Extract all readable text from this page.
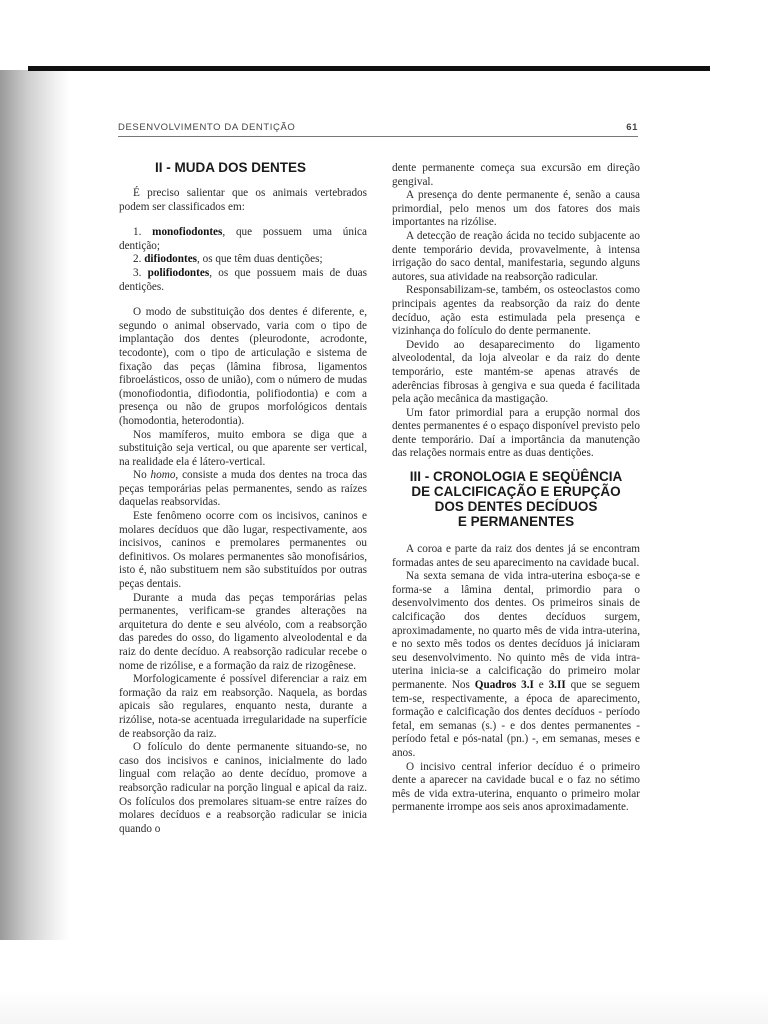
DESENVOLVIMENTO DA DENTIÇÃO	61
II - MUDA DOS DENTES

É preciso salientar que os animais vertebrados podem ser classificados em:

1. monofiodontes, que possuem uma única dentição;

2. difiodontes, os que têm duas dentições;

3. polifiodontes, os que possuem mais de duas dentições.

O modo de substituição dos dentes é diferente, e, segundo o animal observado, varia com o tipo de implantação dos dentes (pleurodonte, acrodonte, tecodonte), com o tipo de articulação e sistema de fixação das peças (lâmina fibrosa, ligamentos fibroelásticos, osso de união), com o número de mudas (monofiodontia, difiodontia, polifiodontia) e com a presença ou não de grupos morfológicos dentais (homodontia, heterodontia).

Nos mamíferos, muito embora se diga que a substituição seja vertical, ou que aparente ser vertical, na realidade ela é látero-vertical.

No homo, consiste a muda dos dentes na troca das peças temporárias pelas permanentes, sendo as raízes daquelas reabsorvidas.

Este fenômeno ocorre com os incisivos, caninos e molares decíduos que dão lugar, respectivamente, aos incisivos, caninos e premolares permanentes ou definitivos. Os molares permanentes são monofisários, isto é, não substituem nem são substituídos por outras peças dentais.

Durante a muda das peças temporárias pelas permanentes, verificam-se grandes alterações na arquitetura do dente e seu alvéolo, com a reabsorção das paredes do osso, do ligamento alveolodental e da raiz do dente decíduo. A reabsorção radicular recebe o nome de rizólise, e a formação da raiz de rizogênese.

Morfologicamente é possível diferenciar a raiz em formação da raiz em reabsorção. Naquela, as bordas apicais são regulares, enquanto nesta, durante a rizólise, nota-se acentuada irregularidade na superfície de reabsorção da raiz.

O folículo do dente permanente situando-se, no caso dos incisivos e caninos, inicialmente do lado lingual com relação ao dente decíduo, promove a reabsorção radicular na porção lingual e apical da raiz. Os folículos dos premolares situam-se entre raízes do molares decíduos e a reabsorção radicular se inicia quando o

dente permanente começa sua excursão em direção gengival.

A presença do dente permanente é, senão a causa primordial, pelo menos um dos fatores dos mais importantes na rizólise.

A detecção de reação ácida no tecido subjacente ao dente temporário devida, provavelmente, à intensa irrigação do saco dental, manifestaria, segundo alguns autores, sua atividade na reabsorção radicular.

Responsabilizam-se, também, os osteoclastos como principais agentes da reabsorção da raiz do dente decíduo, ação esta estimulada pela presença e vizinhança do folículo do dente permanente.

Devido ao desaparecimento do ligamento alveolodental, da loja alveolar e da raiz do dente temporário, este mantém-se apenas através de aderências fibrosas à gengiva e sua queda é facilitada pela ação mecânica da mastigação.

Um fator primordial para a erupção normal dos dentes permanentes é o espaço disponível previsto pelo dente temporário. Daí a importância da manutenção das relações normais entre as duas dentições.

III - CRONOLOGIA E SEQÜÊNCIA
DE CALCIFICAÇÃO E ERUPÇÃO
DOS DENTES DECÍDUOS
E PERMANENTES

A coroa e parte da raiz dos dentes já se encontram formadas antes de seu aparecimento na cavidade bucal.

Na sexta semana de vida intra-uterina esboça-se e forma-se a lâmina dental, primordio para o desenvolvimento dos dentes. Os primeiros sinais de calcificação dos dentes decíduos surgem, aproximadamente, no quarto mês de vida intra-uterina, e no sexto mês todos os dentes decíduos já iniciaram seu desenvolvimento. No quinto mês de vida intra-uterina inicia-se a calcificação do primeiro molar permanente. Nos Quadros 3.I e 3.II que se seguem tem-se, respectivamente, a época de aparecimento, formação e calcificação dos dentes decíduos - período fetal, em semanas (s.) - e dos dentes permanentes - período fetal e pós-natal (pn.) -, em semanas, meses e anos.

O incisivo central inferior decíduo é o primeiro dente a aparecer na cavidade bucal e o faz no sétimo mês de vida extra-uterina, enquanto o primeiro molar permanente irrompe aos seis anos aproximadamente.
